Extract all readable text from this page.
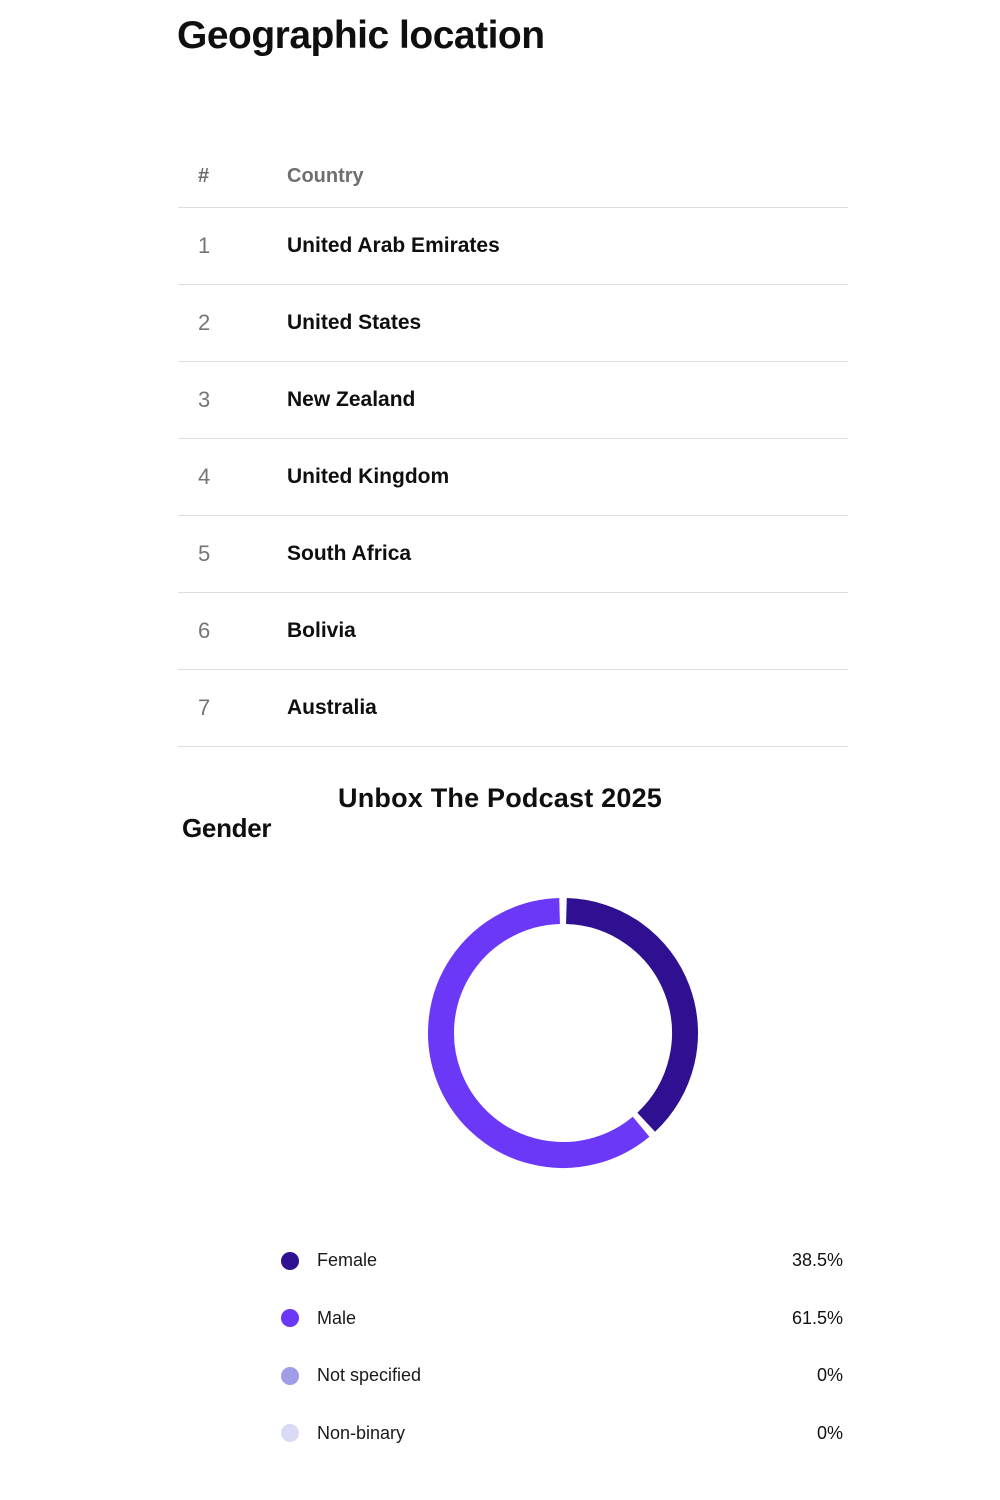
Geographic location
#	Country
1	United Arab Emirates
2	United States
3	New Zealand
4	United Kingdom
5	South Africa
6	Bolivia
7	Australia
Unbox The Podcast 2025
Gender
Female	38.5%
Male	61.5%
Not specified	0%
Non-binary	0%
